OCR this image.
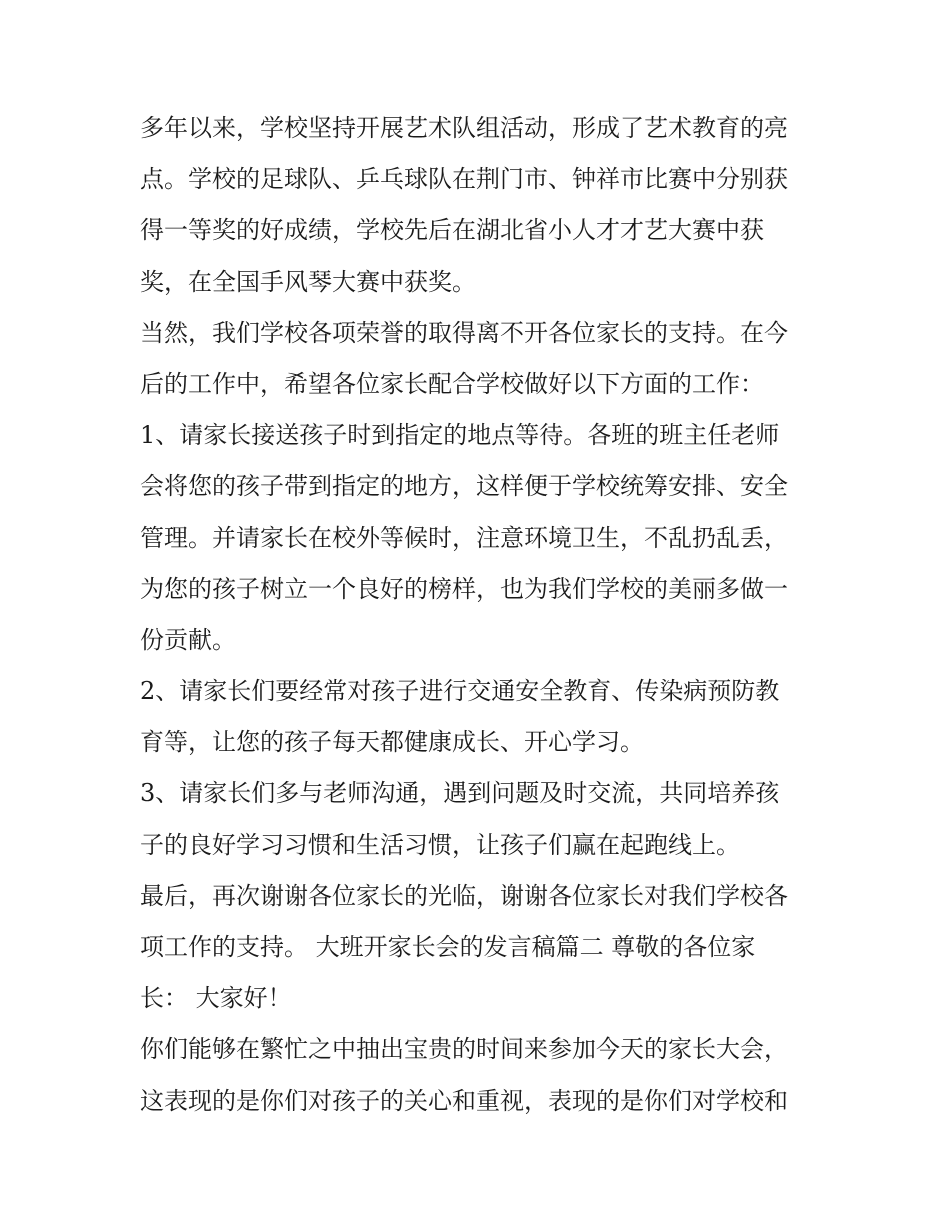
多年以来，学校坚持开展艺术队组活动，形成了艺术教育的亮
点。学校的足球队、乒乓球队在荆门市、钟祥市比赛中分别获
得一等奖的好成绩，学校先后在湖北省小人才才艺大赛中获
奖，在全国手风琴大赛中获奖。
当然，我们学校各项荣誉的取得离不开各位家长的支持。在今
后的工作中，希望各位家长配合学校做好以下方面的工作：
1、请家长接送孩子时到指定的地点等待。各班的班主任老师
会将您的孩子带到指定的地方，这样便于学校统筹安排、安全
管理。并请家长在校外等候时，注意环境卫生，不乱扔乱丢，
为您的孩子树立一个良好的榜样，也为我们学校的美丽多做一
份贡献。
2、请家长们要经常对孩子进行交通安全教育、传染病预防教
育等，让您的孩子每天都健康成长、开心学习。
3、请家长们多与老师沟通，遇到问题及时交流，共同培养孩
子的良好学习习惯和生活习惯，让孩子们赢在起跑线上。
最后，再次谢谢各位家长的光临，谢谢各位家长对我们学校各
项工作的支持。 大班开家长会的发言稿篇二 尊敬的各位家
长： 大家好！
你们能够在繁忙之中抽出宝贵的时间来参加今天的家长大会，
这表现的是你们对孩子的关心和重视，表现的是你们对学校和
